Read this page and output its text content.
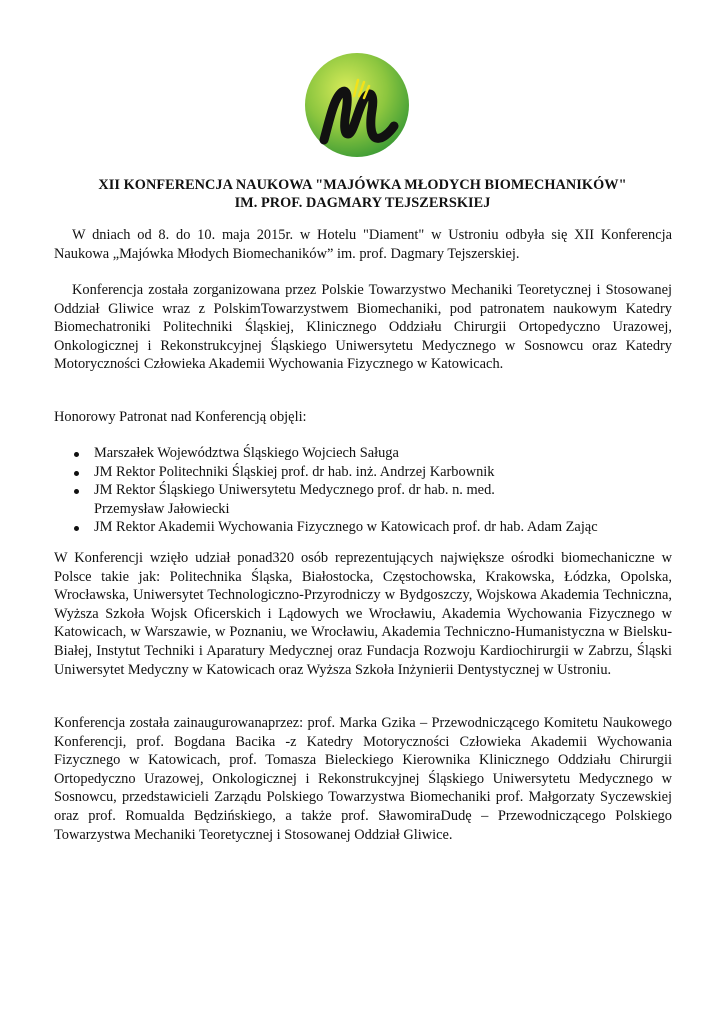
XII KONFERENCJA NAUKOWA "MAJÓWKA MŁODYCH BIOMECHANIKÓW"
IM. PROF. DAGMARY TEJSZERSKIEJ

W dniach od 8. do 10. maja 2015r. w Hotelu "Diament" w Ustroniu odbyła się XII Konferencja Naukowa „Majówka Młodych Biomechaników” im. prof. Dagmary Tejszerskiej.

Konferencja została zorganizowana przez Polskie Towarzystwo Mechaniki Teoretycznej i Stosowanej Oddział Gliwice wraz z PolskimTowarzystwem Biomechaniki, pod patronatem naukowym Katedry Biomechatroniki Politechniki Śląskiej, Klinicznego Oddziału Chirurgii Ortopedyczno Urazowej, Onkologicznej i Rekonstrukcyjnej Śląskiego Uniwersytetu Medycznego w Sosnowcu oraz Katedry Motoryczności Człowieka Akademii Wychowania Fizycznego w Katowicach.

Honorowy Patronat nad Konferencją objęli:
Marszałek Województwa Śląskiego Wojciech Saługa
JM Rektor Politechniki Śląskiej prof. dr hab. inż. Andrzej Karbownik
JM Rektor Śląskiego Uniwersytetu Medycznego prof. dr hab. n. med. Przemysław Jałowiecki
JM Rektor Akademii Wychowania Fizycznego w Katowicach prof. dr hab. Adam Zając

W Konferencji wzięło udział ponad320 osób reprezentujących największe ośrodki biomechaniczne w Polsce takie jak: Politechnika Śląska, Białostocka, Częstochowska, Krakowska, Łódzka, Opolska, Wrocławska, Uniwersytet Technologiczno-Przyrodniczy w Bydgoszczy, Wojskowa Akademia Techniczna, Wyższa Szkoła Wojsk Oficerskich i Lądowych we Wrocławiu, Akademia Wychowania Fizycznego w Katowicach, w Warszawie, w Poznaniu, we Wrocławiu, Akademia Techniczno-Humanistyczna w Bielsku-Białej, Instytut Techniki i Aparatury Medycznej oraz Fundacja Rozwoju Kardiochirurgii w Zabrzu, Śląski Uniwersytet Medyczny w Katowicach oraz Wyższa Szkoła Inżynierii Dentystycznej w Ustroniu.

Konferencja została zainaugurowanaprzez: prof. Marka Gzika – Przewodniczącego Komitetu Naukowego Konferencji, prof. Bogdana Bacika -z Katedry Motoryczności Człowieka Akademii Wychowania Fizycznego w Katowicach, prof. Tomasza Bieleckiego Kierownika Klinicznego Oddziału Chirurgii Ortopedyczno Urazowej, Onkologicznej i Rekonstrukcyjnej Śląskiego Uniwersytetu Medycznego w Sosnowcu, przedstawicieli Zarządu Polskiego Towarzystwa Biomechaniki prof. Małgorzaty Syczewskiej oraz prof. Romualda Będzińskiego, a także prof. SławomiraDudę – Przewodniczącego Polskiego Towarzystwa Mechaniki Teoretycznej i Stosowanej Oddział Gliwice.
